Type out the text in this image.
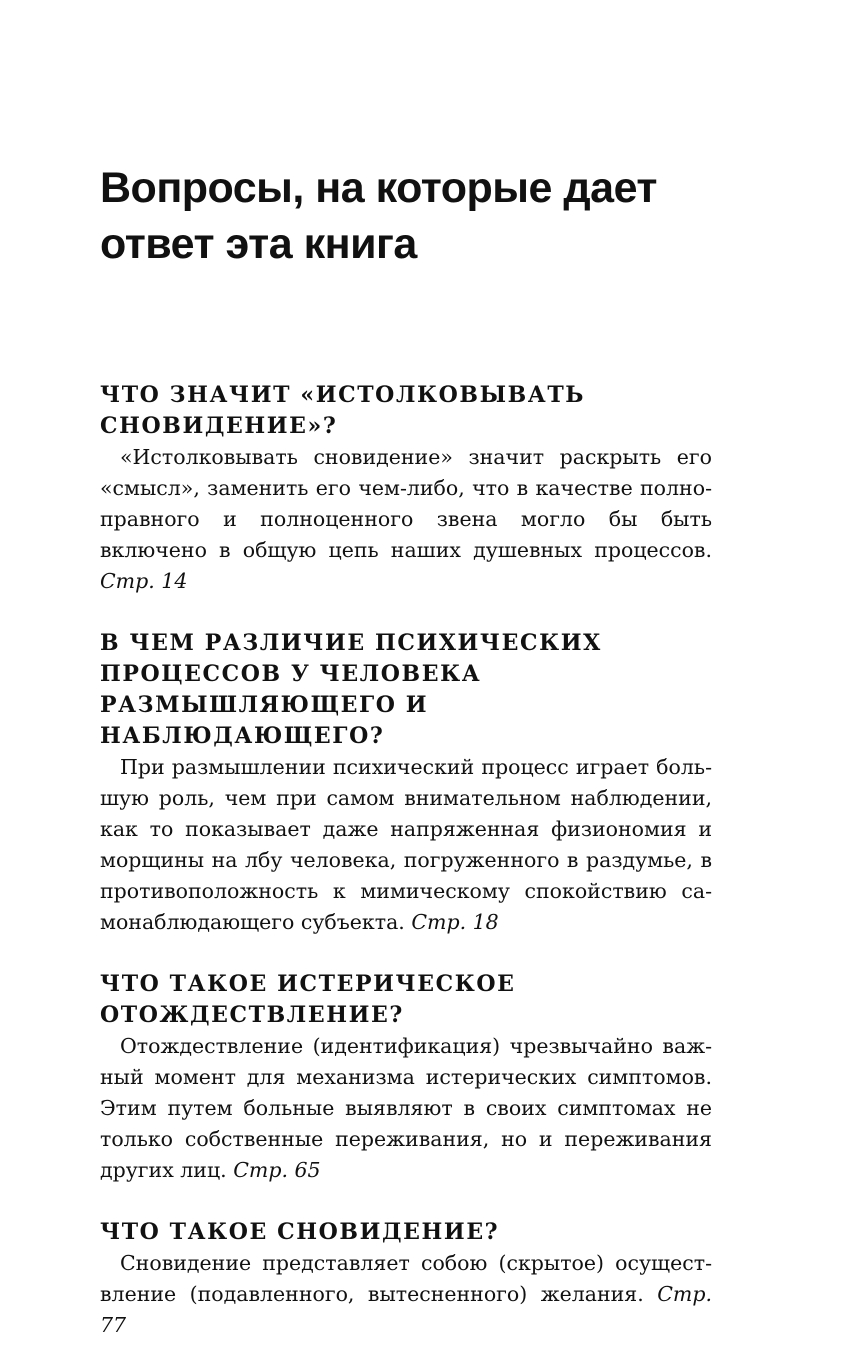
Вопросы, на которые дает
ответ эта книга
ЧТО ЗНАЧИТ «ИСТОЛКОВЫВАТЬ
СНОВИДЕНИЕ»?

«Истолковывать сновидение» значит раскрыть его «смысл», заменить его чем-либо, что в качестве полноправного и полноценного звена могло бы быть включено в общую цепь наших душевных процессов. Стр. 14

В ЧЕМ РАЗЛИЧИЕ ПСИХИЧЕСКИХ
ПРОЦЕССОВ У ЧЕЛОВЕКА
РАЗМЫШЛЯЮЩЕГО И НАБЛЮДАЮЩЕГО?

При размышлении психический процесс играет большую роль, чем при самом внимательном наблюдении, как то показывает даже напряженная физиономия и морщины на лбу человека, погруженного в раздумье, в противоположность к мимическому спокойствию самонаблюдающего субъекта. Стр. 18

ЧТО ТАКОЕ ИСТЕРИЧЕСКОЕ
ОТОЖДЕСТВЛЕНИЕ?

Отождествление (идентификация) чрезвычайно важный момент для механизма истерических симптомов. Этим путем больные выявляют в своих симптомах не только собственные переживания, но и переживания других лиц. Стр. 65

ЧТО ТАКОЕ СНОВИДЕНИЕ?

Сновидение представляет собою (скрытое) осуществление (подавленного, вытесненного) желания. Стр. 77
